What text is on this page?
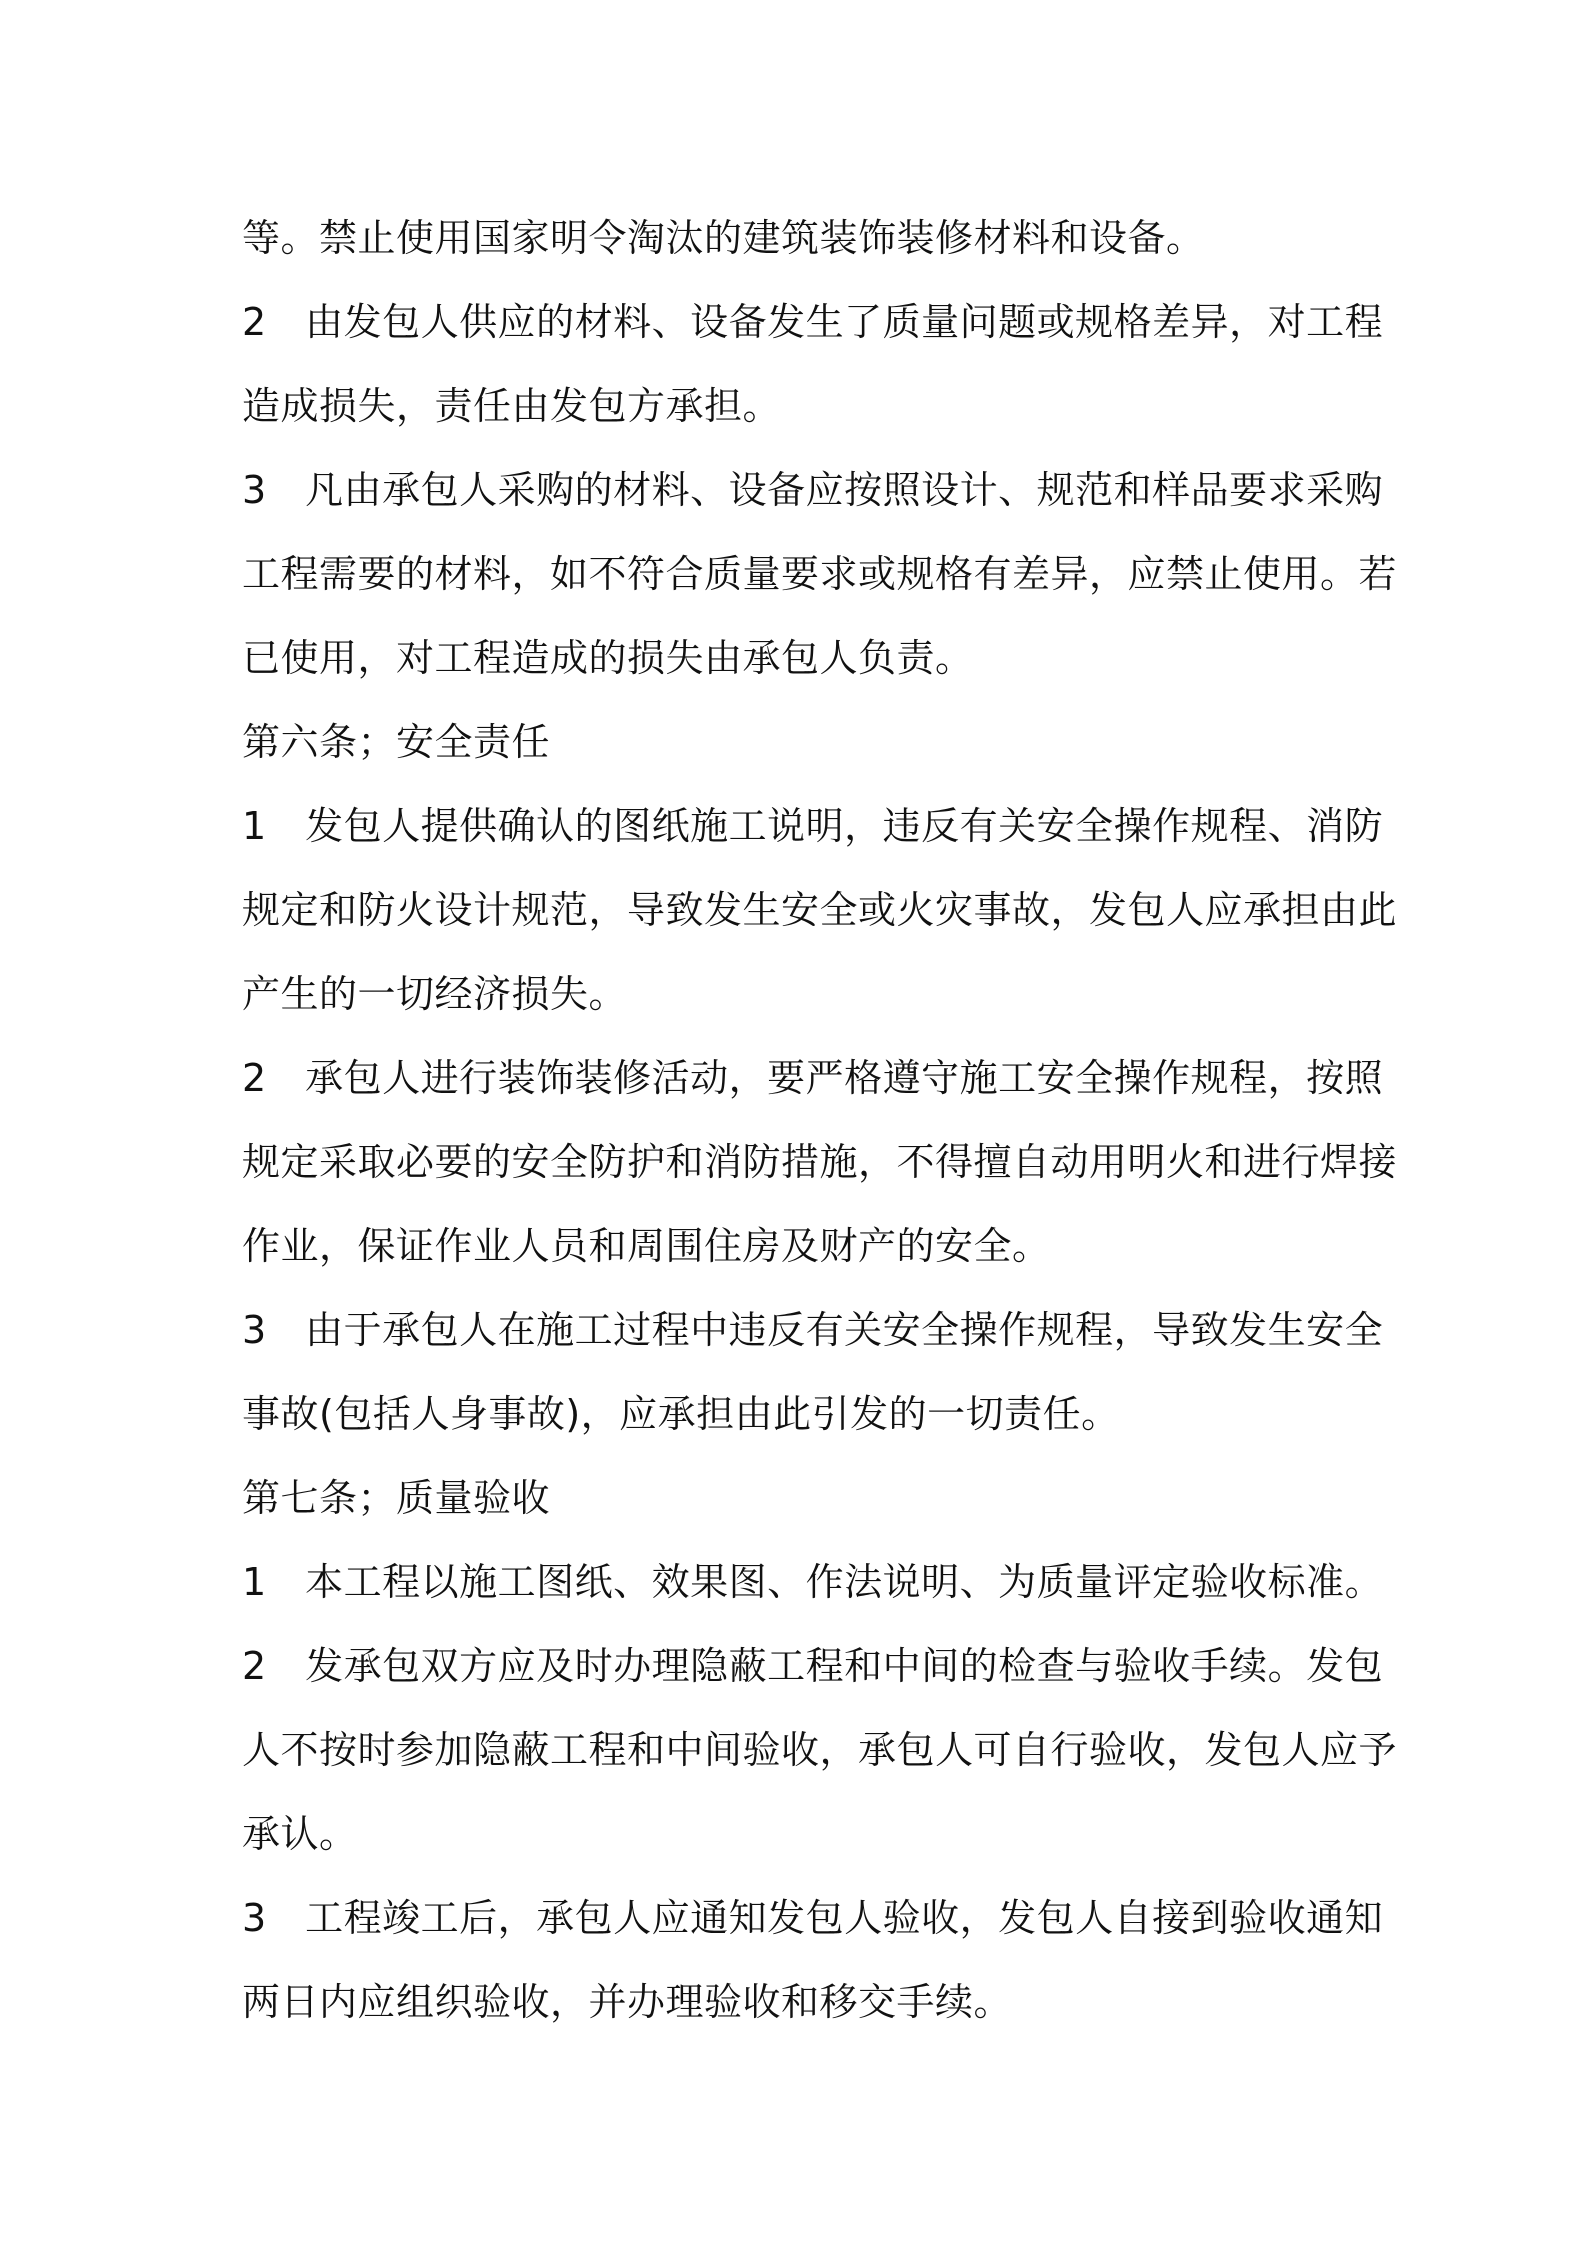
等。禁止使用国家明令淘汰的建筑装饰装修材料和设备。
2　由发包人供应的材料、设备发生了质量问题或规格差异，对工程
造成损失，责任由发包方承担。
3　凡由承包人采购的材料、设备应按照设计、规范和样品要求采购
工程需要的材料，如不符合质量要求或规格有差异，应禁止使用。若
已使用，对工程造成的损失由承包人负责。
第六条；安全责任
1　发包人提供确认的图纸施工说明，违反有关安全操作规程、消防
规定和防火设计规范，导致发生安全或火灾事故，发包人应承担由此
产生的一切经济损失。
2　承包人进行装饰装修活动，要严格遵守施工安全操作规程，按照
规定采取必要的安全防护和消防措施，不得擅自动用明火和进行焊接
作业，保证作业人员和周围住房及财产的安全。
3　由于承包人在施工过程中违反有关安全操作规程，导致发生安全
事故(包括人身事故)，应承担由此引发的一切责任。
第七条；质量验收
1　本工程以施工图纸、效果图、作法说明、为质量评定验收标准。
2　发承包双方应及时办理隐蔽工程和中间的检查与验收手续。发包
人不按时参加隐蔽工程和中间验收，承包人可自行验收，发包人应予
承认。
3　工程竣工后，承包人应通知发包人验收，发包人自接到验收通知
两日内应组织验收，并办理验收和移交手续。
